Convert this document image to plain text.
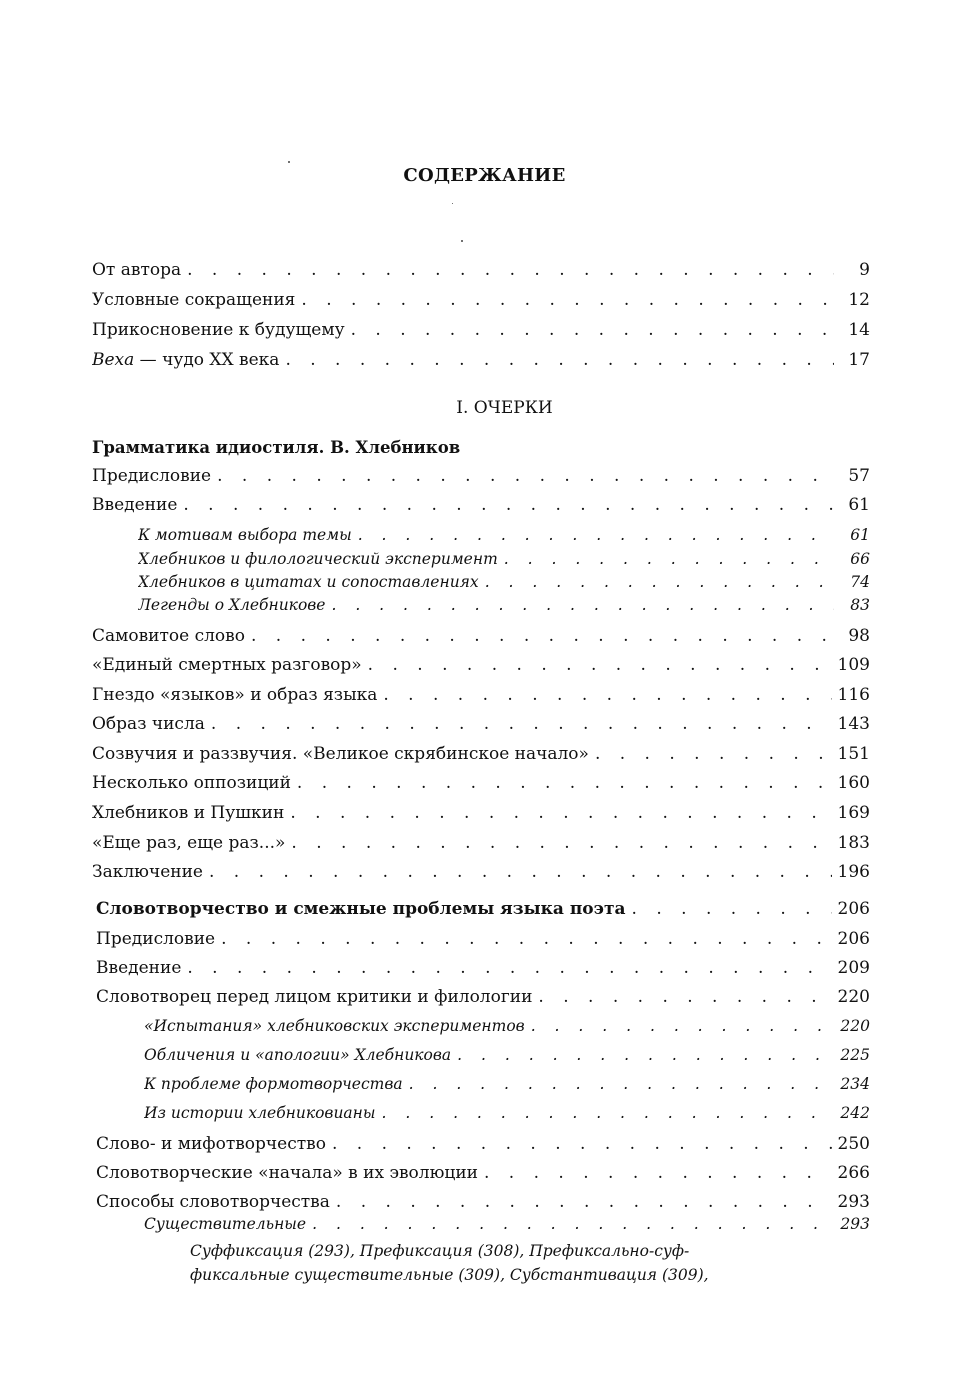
СОДЕРЖАНИЕ
От автора . . .	9
Условные сокращения . . .	12
Прикосновение к будущему . . .	14
Веха — чудо XX века . . .	17
I. ОЧЕРКИ
Грамматика идиостиля. В. Хлебников
Предисловие . . .	57
Введение . . .	61
К мотивам выбора темы . . .	61
Хлебников и филологический эксперимент . . .	66
Хлебников в цитатах и сопоставлениях . . .	74
Легенды о Хлебникове . . .	83
Самовитое слово . . .	98
«Единый смертных разговор» . . .	109
Гнездо «языков» и образ языка . . .	116
Образ числа . . .	143
Созвучия и раззвучия. «Великое скрябинское начало» . . .	151
Несколько оппозиций . . .	160
Хлебников и Пушкин . . .	169
«Еще раз, еще раз...» . . .	183
Заключение . . .	196
Словотворчество и смежные проблемы языка поэта . . .	206
Предисловие . . .	206
Введение . . .	209
Словотворец перед лицом критики и филологии . . .	220
«Испытания» хлебниковских экспериментов . . .	220
Обличения и «апологии» Хлебникова . . .	225
К проблеме формотворчества . . .	234
Из истории хлебниковианы . . .	242
Слово- и мифотворчество . . .	250
Словотворческие «начала» в их эволюции . . .	266
Способы словотворчества . . .	293
Существительные . . .	293
Суффиксация (293), Префиксация (308), Префиксально-суф-
фиксальные существительные (309), Субстантивация (309),
